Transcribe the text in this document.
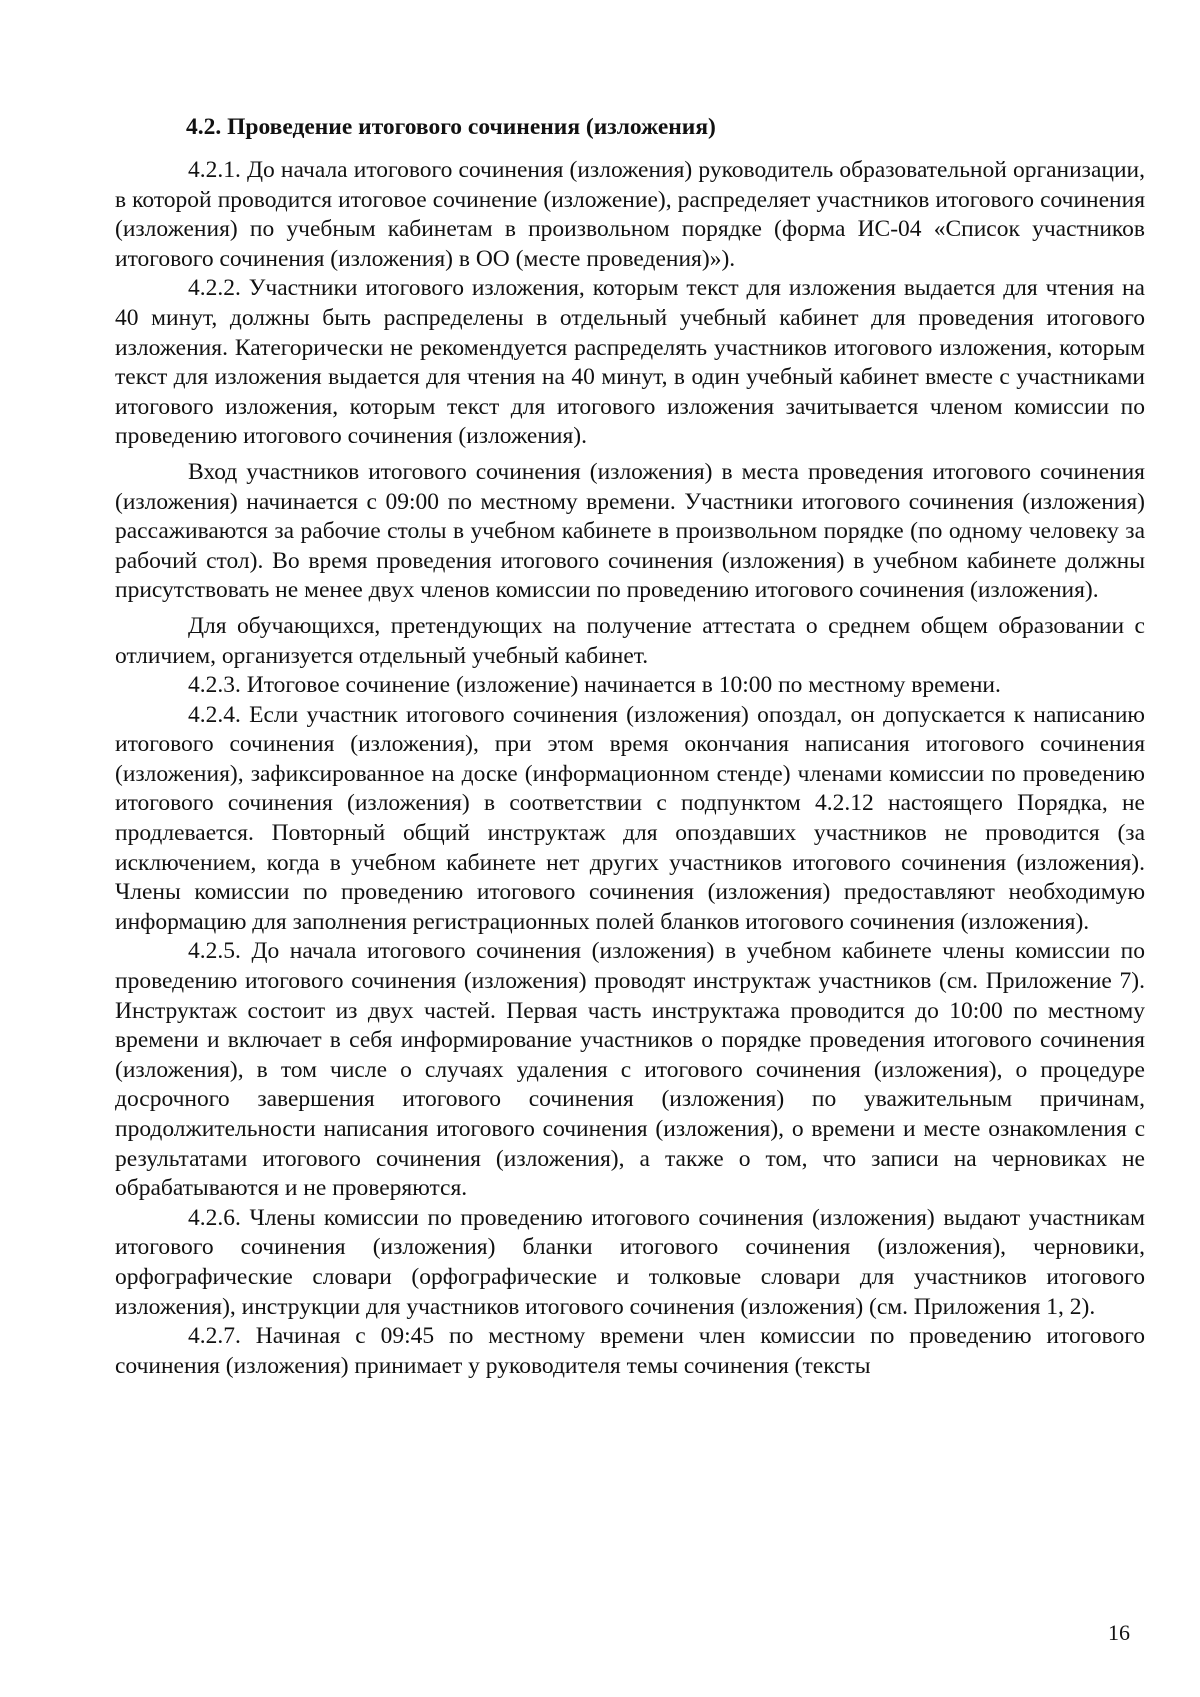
4.2. Проведение итогового сочинения (изложения)

4.2.1. До начала итогового сочинения (изложения) руководитель образовательной организации, в которой проводится итоговое сочинение (изложение), распределяет участников итогового сочинения (изложения) по учебным кабинетам в произвольном порядке (форма ИС-04 «Список участников итогового сочинения (изложения) в ОО (месте проведения)»).

4.2.2. Участники итогового изложения, которым текст для изложения выдается для чтения на 40 минут, должны быть распределены в отдельный учебный кабинет для проведения итогового изложения. Категорически не рекомендуется распределять участников итогового изложения, которым текст для изложения выдается для чтения на 40 минут, в один учебный кабинет вместе с участниками итогового изложения, которым текст для итогового изложения зачитывается членом комиссии по проведению итогового сочинения (изложения).

Вход участников итогового сочинения (изложения) в места проведения итогового сочинения (изложения) начинается с 09:00 по местному времени. Участники итогового сочинения (изложения) рассаживаются за рабочие столы в учебном кабинете в произвольном порядке (по одному человеку за рабочий стол). Во время проведения итогового сочинения (изложения) в учебном кабинете должны присутствовать не менее двух членов комиссии по проведению итогового сочинения (изложения).

Для обучающихся, претендующих на получение аттестата о среднем общем образовании с отличием, организуется отдельный учебный кабинет.

4.2.3. Итоговое сочинение (изложение) начинается в 10:00 по местному времени.

4.2.4. Если участник итогового сочинения (изложения) опоздал, он допускается к написанию итогового сочинения (изложения), при этом время окончания написания итогового сочинения (изложения), зафиксированное на доске (информационном стенде) членами комиссии по проведению итогового сочинения (изложения) в соответствии с подпунктом 4.2.12 настоящего Порядка, не продлевается. Повторный общий инструктаж для опоздавших участников не проводится (за исключением, когда в учебном кабинете нет других участников итогового сочинения (изложения). Члены комиссии по проведению итогового сочинения (изложения) предоставляют необходимую информацию для заполнения регистрационных полей бланков итогового сочинения (изложения).

4.2.5. До начала итогового сочинения (изложения) в учебном кабинете члены комиссии по проведению итогового сочинения (изложения) проводят инструктаж участников (см. Приложение 7). Инструктаж состоит из двух частей. Первая часть инструктажа проводится до 10:00 по местному времени и включает в себя информирование участников о порядке проведения итогового сочинения (изложения), в том числе о случаях удаления с итогового сочинения (изложения), о процедуре досрочного завершения итогового сочинения (изложения) по уважительным причинам, продолжительности написания итогового сочинения (изложения), о времени и месте ознакомления с результатами итогового сочинения (изложения), а также о том, что записи на черновиках не обрабатываются и не проверяются.

4.2.6. Члены комиссии по проведению итогового сочинения (изложения) выдают участникам итогового сочинения (изложения) бланки итогового сочинения (изложения), черновики, орфографические словари (орфографические и толковые словари для участников итогового изложения), инструкции для участников итогового сочинения (изложения) (см. Приложения 1, 2).

4.2.7. Начиная с 09:45 по местному времени член комиссии по проведению итогового сочинения (изложения) принимает у руководителя темы сочинения (тексты

16
